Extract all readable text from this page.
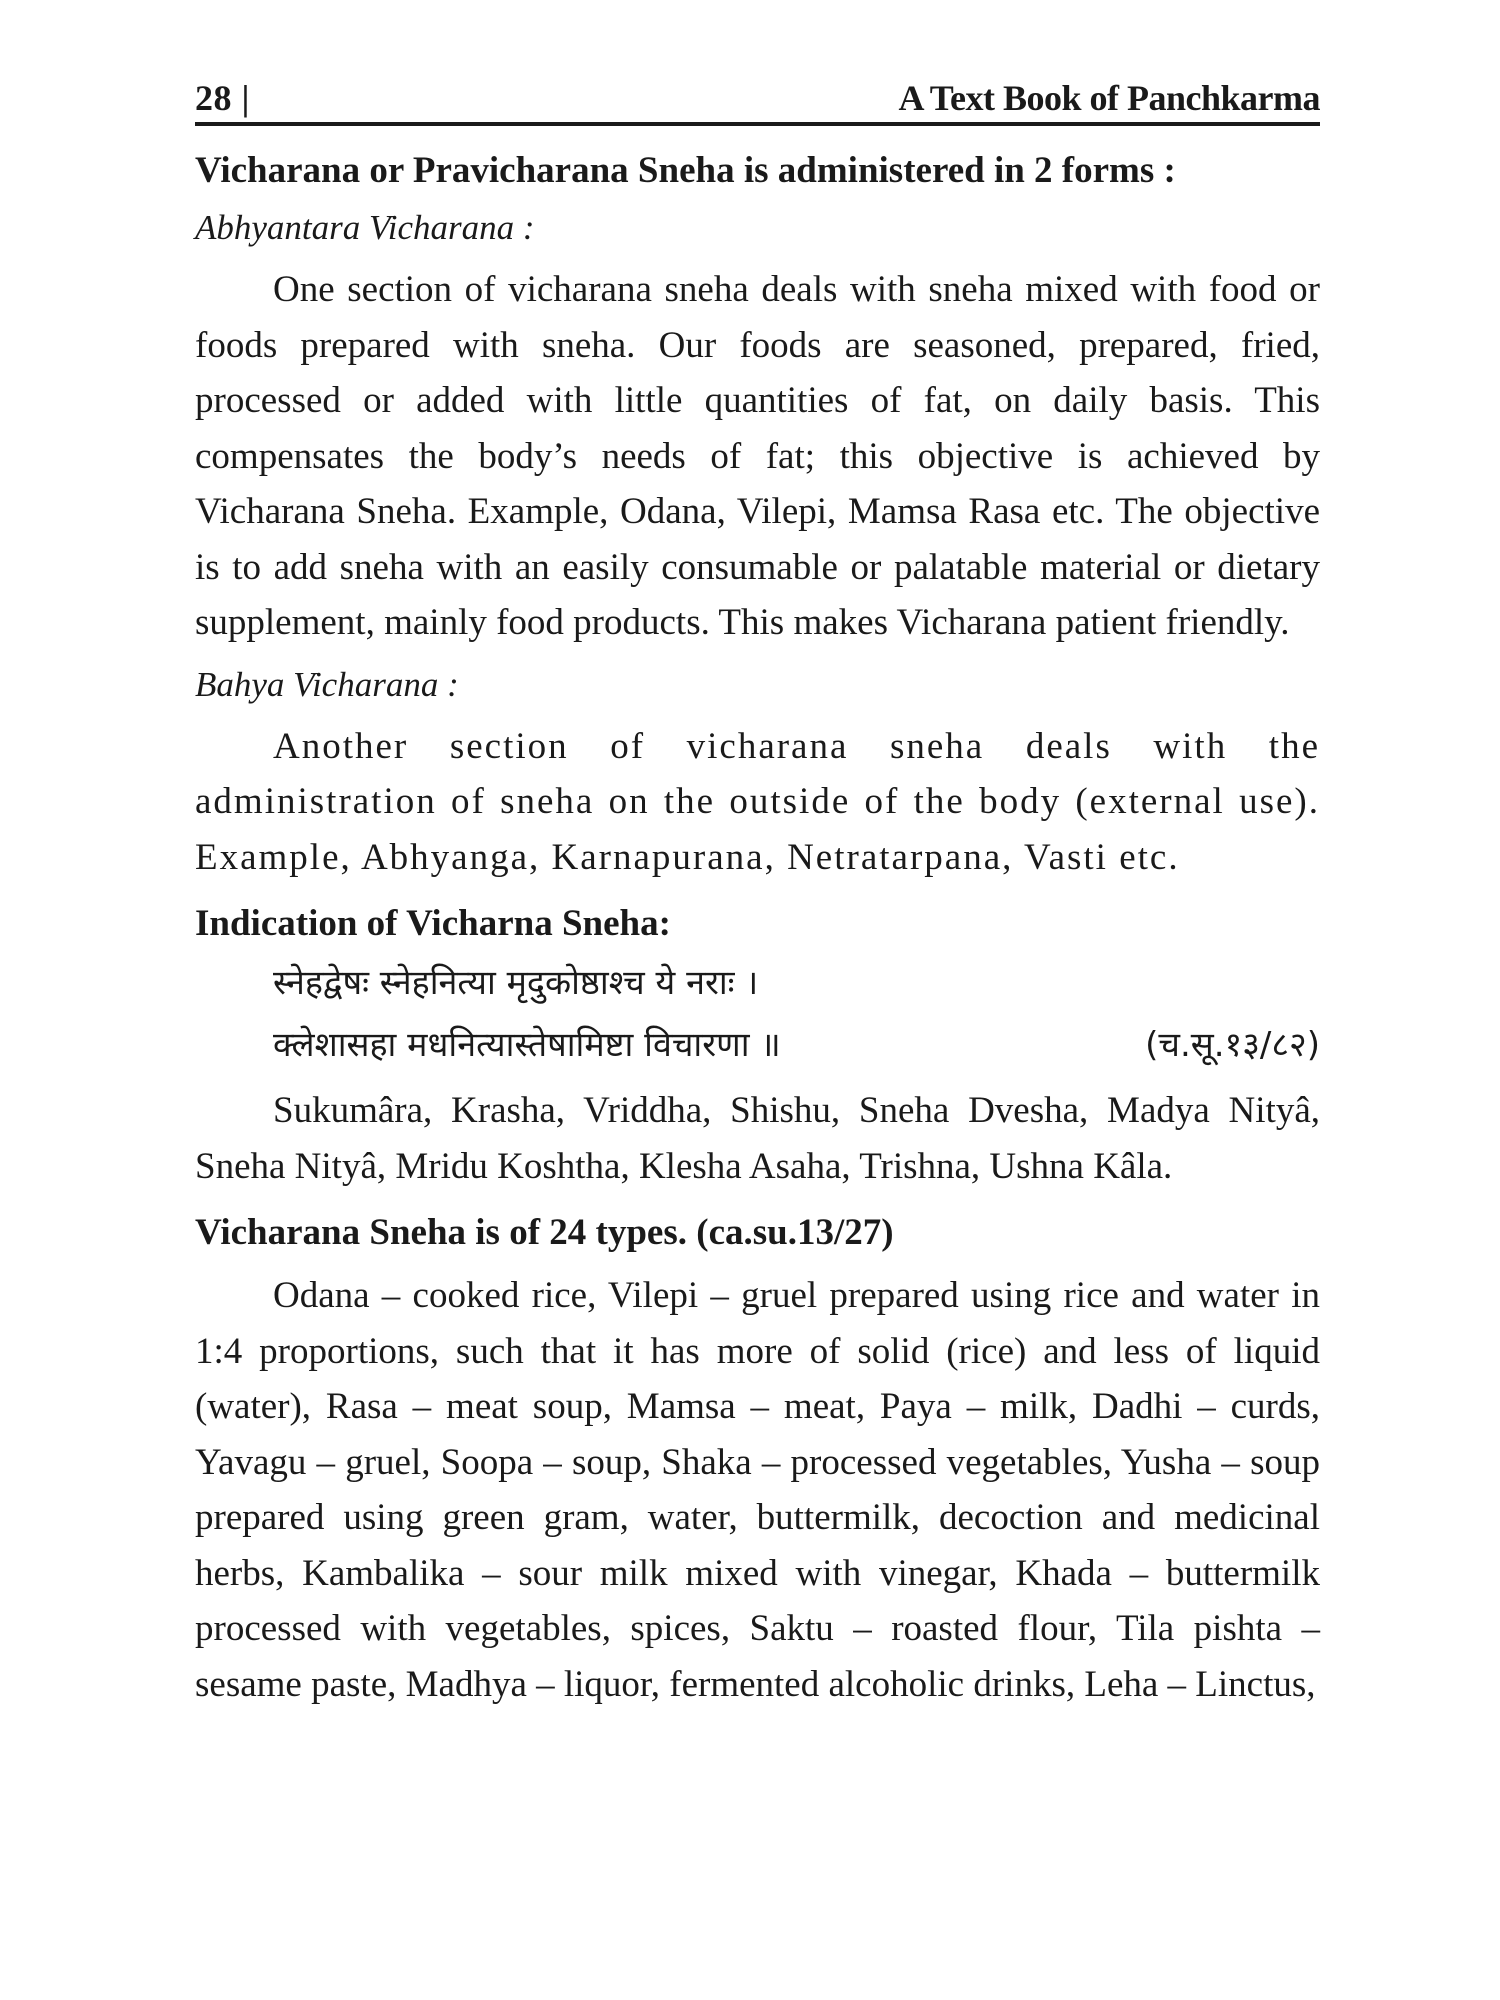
28 |	A Text Book of Panchkarma

Vicharana or Pravicharana Sneha is administered in 2 forms :

Abhyantara Vicharana :

One section of vicharana sneha deals with sneha mixed with food or foods prepared with sneha. Our foods are seasoned, prepared, fried, processed or added with little quantities of fat, on daily basis. This compensates the body’s needs of fat; this objective is achieved by Vicharana Sneha. Example, Odana, Vilepi, Mamsa Rasa etc. The objective is to add sneha with an easily consumable or palatable material or dietary supplement, mainly food products. This makes Vicharana patient friendly.

Bahya Vicharana :

Another section of vicharana sneha deals with the administration of sneha on the outside of the body (external use). Example, Abhyanga, Karnapurana, Netratarpana, Vasti etc.

Indication of Vicharna Sneha:

स्नेहद्वेषः स्नेहनित्या मृदुकोष्ठाश्च ये नराः ।
क्लेशासहा मधनित्यास्तेषामिष्टा विचारणा ॥	(च.सू.१३/८२)

Sukumâra, Krasha, Vriddha, Shishu, Sneha Dvesha, Madya Nityâ, Sneha Nityâ, Mridu Koshtha, Klesha Asaha, Trishna, Ushna Kâla.

Vicharana Sneha is of 24 types. (ca.su.13/27)

Odana – cooked rice, Vilepi – gruel prepared using rice and water in 1:4 proportions, such that it has more of solid (rice) and less of liquid (water), Rasa – meat soup, Mamsa – meat, Paya – milk, Dadhi – curds, Yavagu – gruel, Soopa – soup, Shaka – processed vegetables, Yusha – soup prepared using green gram, water, buttermilk, decoction and medicinal herbs, Kambalika – sour milk mixed with vinegar, Khada – buttermilk processed with vegetables, spices, Saktu – roasted flour, Tila pishta – sesame paste, Madhya – liquor, fermented alcoholic drinks, Leha – Linctus,
